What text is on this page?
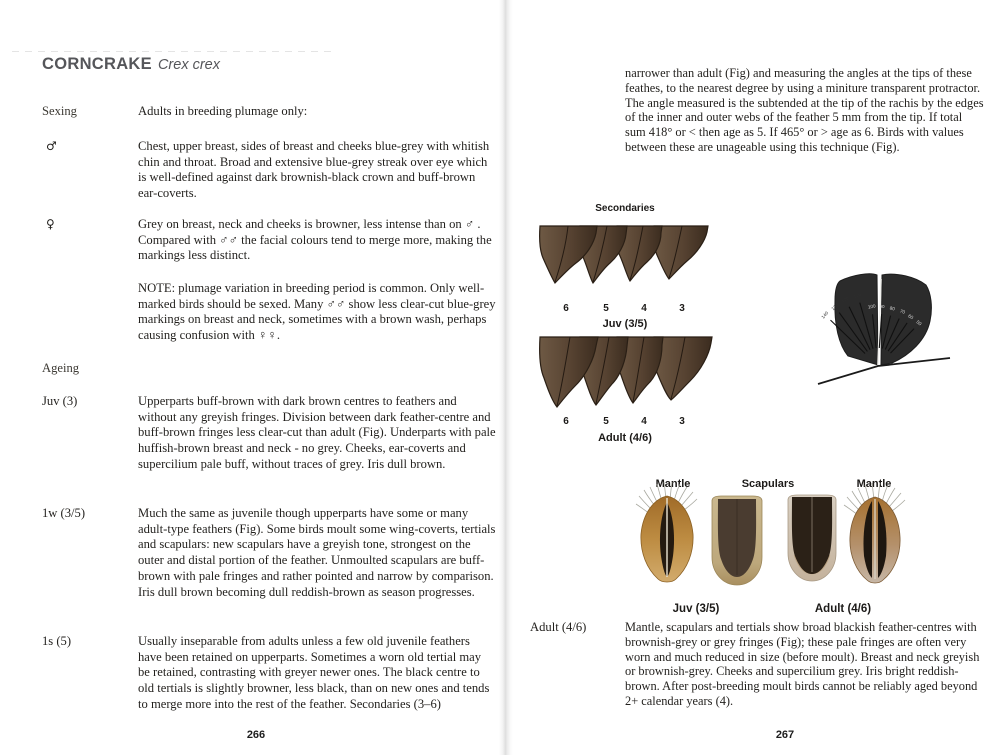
CORNCRAKE Crex crex
Sexing	Adults in breeding plumage only:
♂	Chest, upper breast, sides of breast and cheeks blue-grey with whitish chin and throat. Broad and extensive blue-grey streak over eye which is well-defined against dark brownish-black crown and buff-brown ear-coverts.
♀	Grey on breast, neck and cheeks is browner, less intense than on ♂ . Compared with ♂♂ the facial colours tend to merge more, making the markings less distinct.
NOTE: plumage variation in breeding period is common. Only well-marked birds should be sexed. Many ♂♂ show less clear-cut blue-grey markings on breast and neck, sometimes with a brown wash, perhaps causing confusion with ♀♀.
Ageing
Juv (3)	Upperparts buff-brown with dark brown centres to feathers and without any greyish fringes. Division between dark feather-centre and buff-brown fringes less clear-cut than adult (Fig). Underparts with pale huffish-brown breast and neck - no grey. Cheeks, ear-coverts and supercilium pale buff, without traces of grey. Iris dull brown.
1w (3/5)	Much the same as juvenile though upperparts have some or many adult-type feathers (Fig). Some birds moult some wing-coverts, tertials and scapulars: new scapulars have a greyish tone, strongest on the outer and distal portion of the feather. Unmoulted scapulars are buff-brown with pale fringes and rather pointed and narrow by comparison. Iris dull brown becoming dull reddish-brown as season progresses.
1s (5)	Usually inseparable from adults unless a few old juvenile feathers have been retained on upperparts. Sometimes a worn old tertial may be retained, contrasting with greyer newer ones. The black centre to old tertials is slightly browner, less black, than on new ones and tends to merge more into the rest of the feather. Secondaries (3–6)
266
narrower than adult (Fig) and measuring the angles at the tips of these feathes, to the nearest degree by using a miniture transparent protractor. The angle measured is the subtended at the tip of the rachis by the edges of the inner and outer webs of the feather 5 mm from the tip. If total sum 418° or < then age as 5. If 465° or > age as 6. Birds with values between these are unageable using this technique (Fig).
Secondaries
6	5	4	3
Juv (3/5)
6	5	4	3
Adult (4/6)
140
130
120
110
100 90 80 70
60
50
Mantle	Scapulars	Mantle
Juv (3/5)	Adult (4/6)
Adult (4/6)	Mantle, scapulars and tertials show broad blackish feather-centres with brownish-grey or grey fringes (Fig); these pale fringes are often very worn and much reduced in size (before moult). Breast and neck greyish or brownish-grey. Cheeks and supercilium grey. Iris bright reddish-brown. After post-breeding moult birds cannot be reliably aged beyond 2+ calendar years (4).
267
